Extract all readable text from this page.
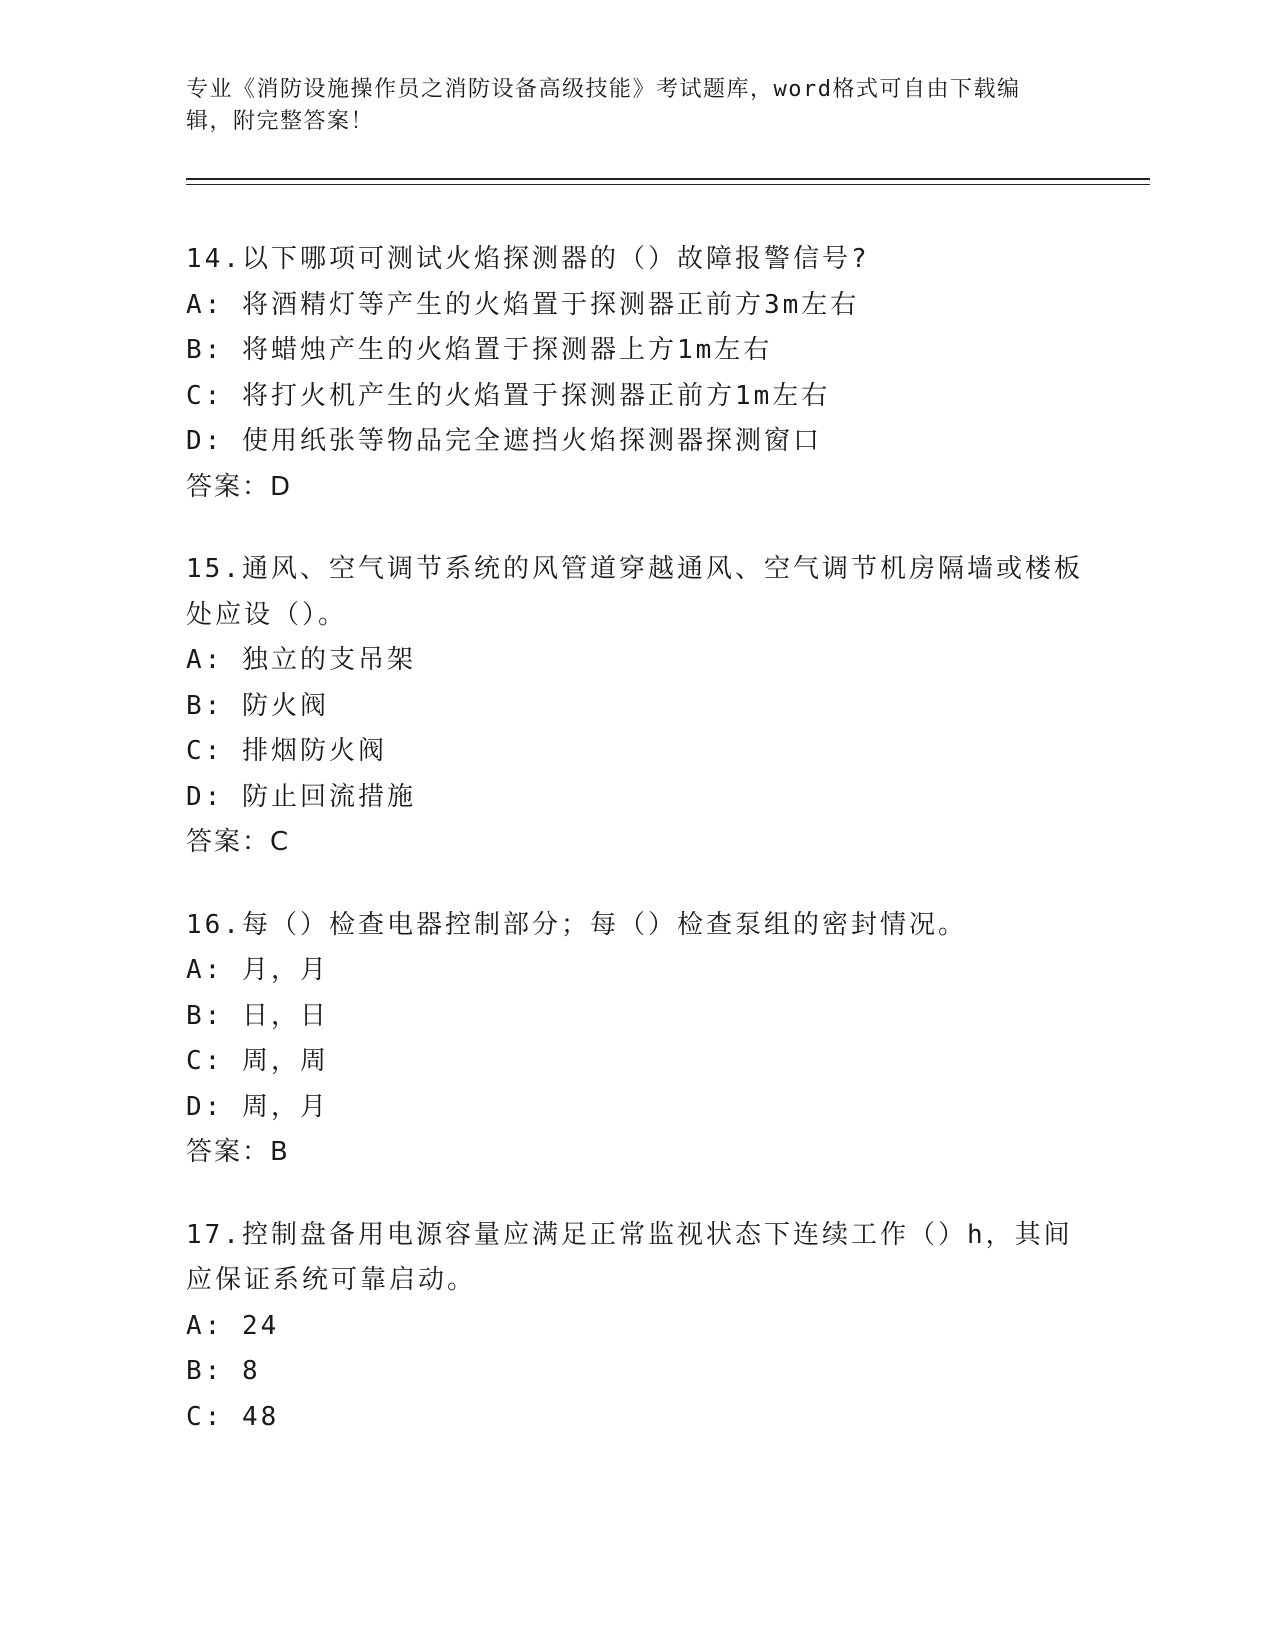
专业《消防设施操作员之消防设备高级技能》考试题库，word格式可自由下载编
辑，附完整答案！
14.以下哪项可测试火焰探测器的（）故障报警信号?
A: 将酒精灯等产生的火焰置于探测器正前方3m左右
B: 将蜡烛产生的火焰置于探测器上方1m左右
C: 将打火机产生的火焰置于探测器正前方1m左右
D: 使用纸张等物品完全遮挡火焰探测器探测窗口
答案：D
15.通风、空气调节系统的风管道穿越通风、空气调节机房隔墙或楼板
处应设（）。
A: 独立的支吊架
B: 防火阀
C: 排烟防火阀
D: 防止回流措施
答案：C
16.每（）检查电器控制部分；每（）检查泵组的密封情况。
A: 月，月
B: 日，日
C: 周，周
D: 周，月
答案：B
17.控制盘备用电源容量应满足正常监视状态下连续工作（）h，其间
应保证系统可靠启动。
A: 24
B: 8
C: 48
